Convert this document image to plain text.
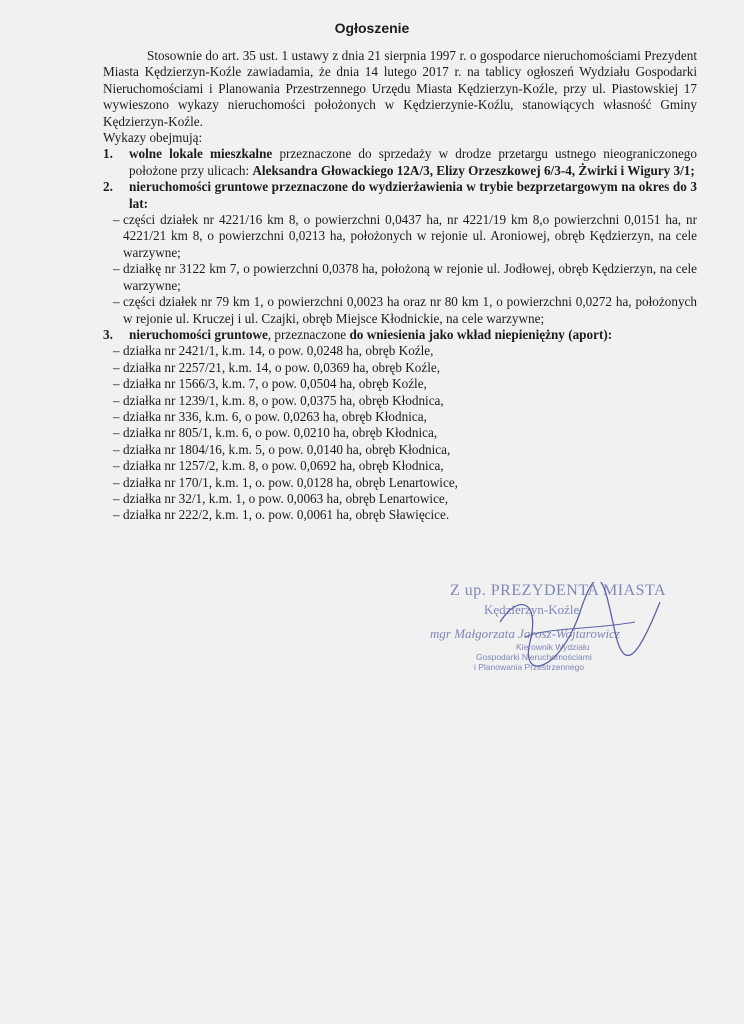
Ogłoszenie

Stosownie do art. 35 ust. 1 ustawy z dnia 21 sierpnia 1997 r. o gospodarce nieruchomościami Prezydent Miasta Kędzierzyn-Koźle zawiadamia, że dnia 14 lutego 2017 r. na tablicy ogłoszeń Wydziału Gospodarki Nieruchomościami i Planowania Przestrzennego Urzędu Miasta Kędzierzyn-Koźle, przy ul. Piastowskiej 17 wywieszono wykazy nieruchomości położonych w Kędzierzynie-Koźlu, stanowiących własność Gminy Kędzierzyn-Koźle.

Wykazy obejmują:

1.	wolne lokale mieszkalne przeznaczone do sprzedaży w drodze przetargu ustnego nieograniczonego położone przy ulicach: Aleksandra Głowackiego 12A/3, Elizy Orzeszkowej 6/3-4, Żwirki i Wigury 3/1;
2.	nieruchomości gruntowe przeznaczone do wydzierżawienia w trybie bezprzetargowym na okres do 3 lat:
– części działek nr 4221/16 km 8, o powierzchni 0,0437 ha, nr 4221/19 km 8,o powierzchni 0,0151 ha, nr 4221/21 km 8, o powierzchni 0,0213 ha, położonych w rejonie ul. Aroniowej, obręb Kędzierzyn, na cele warzywne;
– działkę nr 3122 km 7, o powierzchni 0,0378 ha, położoną w rejonie ul. Jodłowej, obręb Kędzierzyn, na cele warzywne;
– części działek nr 79 km 1, o powierzchni 0,0023 ha oraz nr 80 km 1, o powierzchni 0,0272 ha, położonych w rejonie ul. Kruczej i ul. Czajki, obręb Miejsce Kłodnickie, na cele warzywne;
3.	nieruchomości gruntowe, przeznaczone do wniesienia jako wkład niepieniężny (aport):
– działka nr 2421/1, k.m. 14, o pow. 0,0248 ha, obręb Koźle,
– działka nr 2257/21, k.m. 14, o pow. 0,0369 ha, obręb Koźle,
– działka nr 1566/3, k.m. 7, o pow. 0,0504 ha, obręb Koźle,
– działka nr 1239/1, k.m. 8, o pow. 0,0375 ha, obręb Kłodnica,
– działka nr 336, k.m. 6, o pow. 0,0263 ha, obręb Kłodnica,
– działka nr 805/1, k.m. 6, o pow. 0,0210 ha, obręb Kłodnica,
– działka nr 1804/16, k.m. 5, o pow. 0,0140 ha, obręb Kłodnica,
– działka nr 1257/2, k.m. 8, o pow. 0,0692 ha, obręb Kłodnica,
– działka nr 170/1, k.m. 1, o. pow. 0,0128 ha, obręb Lenartowice,
– działka nr 32/1, k.m. 1, o pow. 0,0063 ha, obręb Lenartowice,
– działka nr 222/2, k.m. 1, o. pow. 0,0061 ha, obręb Sławięcice.
Z up. PREZYDENTA MIASTA
Kędzierzyn-Koźle
mgr Małgorzata Jarosz-Wojtarowicz
Kierownik Wydziału
Gospodarki Nieruchomościami
i Planowania Przestrzennego
